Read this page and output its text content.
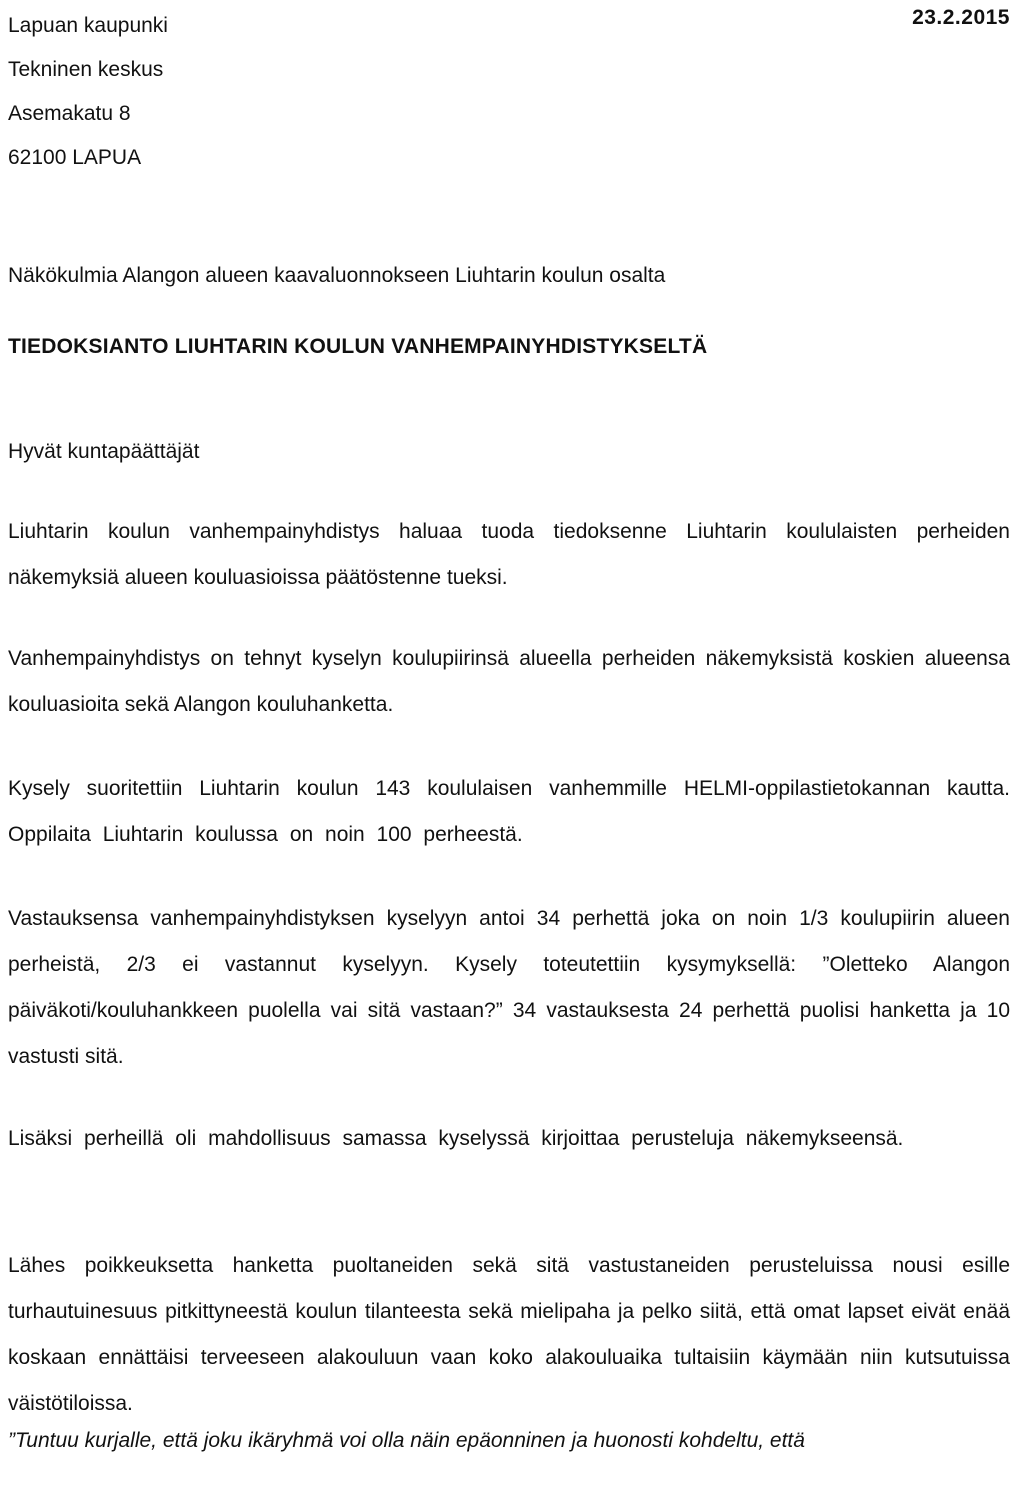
Lapuan kaupunki
Tekninen keskus
Asemakatu 8
62100 LAPUA
23.2.2015
Näkökulmia Alangon alueen kaavaluonnokseen Liuhtarin koulun osalta
TIEDOKSIANTO LIUHTARIN KOULUN VANHEMPAINYHDISTYKSELTÄ
Hyvät kuntapäättäjät

Liuhtarin koulun vanhempainyhdistys haluaa tuoda tiedoksenne Liuhtarin koululaisten perheiden näkemyksiä alueen kouluasioissa päätöstenne tueksi.

Vanhempainyhdistys on tehnyt kyselyn koulupiirinsä alueella perheiden näkemyksistä koskien alueensa kouluasioita sekä Alangon kouluhanketta.

Kysely suoritettiin Liuhtarin koulun 143 koululaisen vanhemmille HELMI-oppilastietokannan kautta. Oppilaita Liuhtarin koulussa on noin 100 perheestä.

Vastauksensa vanhempainyhdistyksen kyselyyn antoi 34 perhettä joka on noin 1/3 koulupiirin alueen perheistä, 2/3 ei vastannut kyselyyn. Kysely toteutettiin kysymyksellä: ”Oletteko Alangon päiväkoti/kouluhankkeen puolella vai sitä vastaan?” 34 vastauksesta 24 perhettä puolisi hanketta ja 10 vastusti sitä.

Lisäksi perheillä oli mahdollisuus samassa kyselyssä kirjoittaa perusteluja näkemykseensä.

Lähes poikkeuksetta hanketta puoltaneiden sekä sitä vastustaneiden perusteluissa nousi esille turhautuinesuus pitkittyneestä koulun tilanteesta sekä mielipaha ja pelko siitä, että omat lapset eivät enää koskaan ennättäisi terveeseen alakouluun vaan koko alakouluaika tultaisiin käymään niin kutsutuissa väistötiloissa.

”Tuntuu kurjalle, että joku ikäryhmä voi olla näin epäonninen ja huonosti kohdeltu, että
